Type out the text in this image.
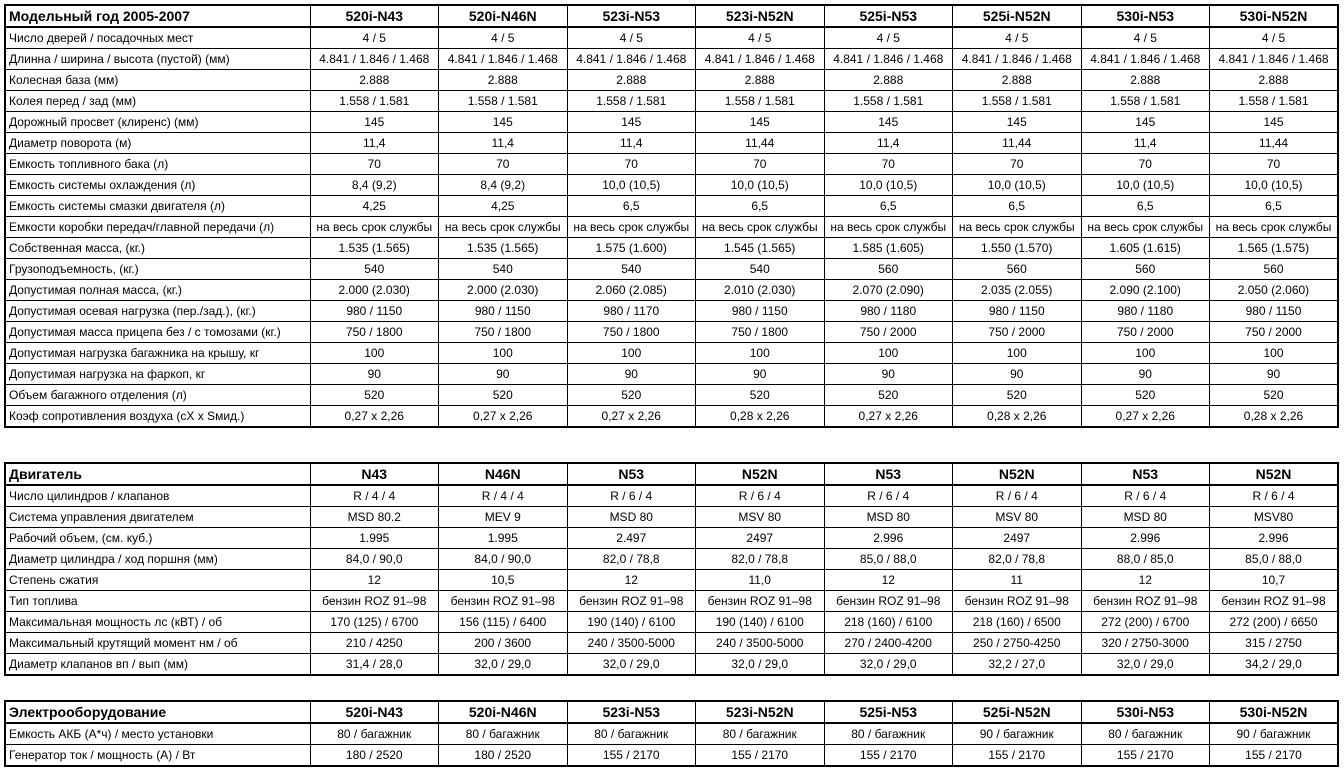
Модельный год 2005-2007	520i-N43	520i-N46N	523i-N53	523i-N52N	525i-N53	525i-N52N	530i-N53	530i-N52N
Число дверей / посадочных мест	4 / 5	4 / 5	4 / 5	4 / 5	4 / 5	4 / 5	4 / 5	4 / 5
Длинна / ширина / высота (пустой) (мм)	4.841 / 1.846 / 1.468	4.841 / 1.846 / 1.468	4.841 / 1.846 / 1.468	4.841 / 1.846 / 1.468	4.841 / 1.846 / 1.468	4.841 / 1.846 / 1.468	4.841 / 1.846 / 1.468	4.841 / 1.846 / 1.468
Колесная база (мм)	2.888	2.888	2.888	2.888	2.888	2.888	2.888	2.888
Колея перед / зад (мм)	1.558 / 1.581	1.558 / 1.581	1.558 / 1.581	1.558 / 1.581	1.558 / 1.581	1.558 / 1.581	1.558 / 1.581	1.558 / 1.581
Дорожный просвет (клиренс) (мм)	145	145	145	145	145	145	145	145
Диаметр поворота (м)	11,4	11,4	11,4	11,44	11,4	11,44	11,4	11,44
Емкость топливного бака (л)	70	70	70	70	70	70	70	70
Емкость системы охлаждения (л)	8,4 (9,2)	8,4 (9,2)	10,0 (10,5)	10,0 (10,5)	10,0 (10,5)	10,0 (10,5)	10,0 (10,5)	10,0 (10,5)
Емкость системы смазки двигателя (л)	4,25	4,25	6,5	6,5	6,5	6,5	6,5	6,5
Емкости коробки передач/главной передачи (л)	на весь срок службы	на весь срок службы	на весь срок службы	на весь срок службы	на весь срок службы	на весь срок службы	на весь срок службы	на весь срок службы
Собственная масса, (кг.)	1.535 (1.565)	1.535 (1.565)	1.575 (1.600)	1.545 (1.565)	1.585 (1.605)	1.550 (1.570)	1.605 (1.615)	1.565 (1.575)
Грузоподъемность, (кг.)	540	540	540	540	560	560	560	560
Допустимая полная масса, (кг.)	2.000 (2.030)	2.000 (2.030)	2.060 (2.085)	2.010 (2.030)	2.070 (2.090)	2.035 (2.055)	2.090 (2.100)	2.050 (2.060)
Допустимая осевая нагрузка (пер./зад.), (кг.)	980 / 1150	980 / 1150	980 / 1170	980 / 1150	980 / 1180	980 / 1150	980 / 1180	980 / 1150
Допустимая масса прицепа без / с томозами (кг.)	750 / 1800	750 / 1800	750 / 1800	750 / 1800	750 / 2000	750 / 2000	750 / 2000	750 / 2000
Допустимая нагрузка багажника на крышу, кг	100	100	100	100	100	100	100	100
Допустимая нагрузка на фаркоп, кг	90	90	90	90	90	90	90	90
Объем багажного отделения (л)	520	520	520	520	520	520	520	520
Коэф сопротивления воздуха (cX x Sмид.)	0,27 x 2,26	0,27 x 2,26	0,27 x 2,26	0,28 x 2,26	0,27 x 2,26	0,28 x 2,26	0,27 x 2,26	0,28 x 2,26
Двигатель	N43	N46N	N53	N52N	N53	N52N	N53	N52N
Число цилиндров / клапанов	R / 4 / 4	R / 4 / 4	R / 6 / 4	R / 6 / 4	R / 6 / 4	R / 6 / 4	R / 6 / 4	R / 6 / 4
Система управления двигателем	MSD 80.2	MEV 9	MSD 80	MSV 80	MSD 80	MSV 80	MSD 80	MSV80
Рабочий объем, (см. куб.)	1.995	1.995	2.497	2497	2.996	2497	2.996	2.996
Диаметр цилиндра / ход поршня (мм)	84,0 / 90,0	84,0 / 90,0	82,0 / 78,8	82,0 / 78,8	85,0 / 88,0	82,0 / 78,8	88,0 / 85,0	85,0 / 88,0
Степень сжатия	12	10,5	12	11,0	12	11	12	10,7
Тип топлива	бензин ROZ 91–98	бензин ROZ 91–98	бензин ROZ 91–98	бензин ROZ 91–98	бензин ROZ 91–98	бензин ROZ 91–98	бензин ROZ 91–98	бензин ROZ 91–98
Максимальная мощность лс (кВТ) / об	170 (125) / 6700	156 (115) / 6400	190 (140) / 6100	190 (140) / 6100	218 (160) / 6100	218 (160) / 6500	272 (200) / 6700	272 (200) / 6650
Максимальный крутящий момент нм / об	210 / 4250	200 / 3600	240 / 3500-5000	240 / 3500-5000	270 / 2400-4200	250 / 2750-4250	320 / 2750-3000	315 / 2750
Диаметр клапанов вп / вып (мм)	31,4 / 28,0	32,0 / 29,0	32,0 / 29,0	32,0 / 29,0	32,0 / 29,0	32,2 / 27,0	32,0 / 29,0	34,2 / 29,0
Электрооборудование	520i-N43	520i-N46N	523i-N53	523i-N52N	525i-N53	525i-N52N	530i-N53	530i-N52N
Емкость АКБ (А*ч) / место установки	80 / багажник	80 / багажник	80 / багажник	80 / багажник	80 / багажник	90 / багажник	80 / багажник	90 / багажник
Генератор ток / мощность (А) / Вт	180 / 2520	180 / 2520	155 / 2170	155 / 2170	155 / 2170	155 / 2170	155 / 2170	155 / 2170
